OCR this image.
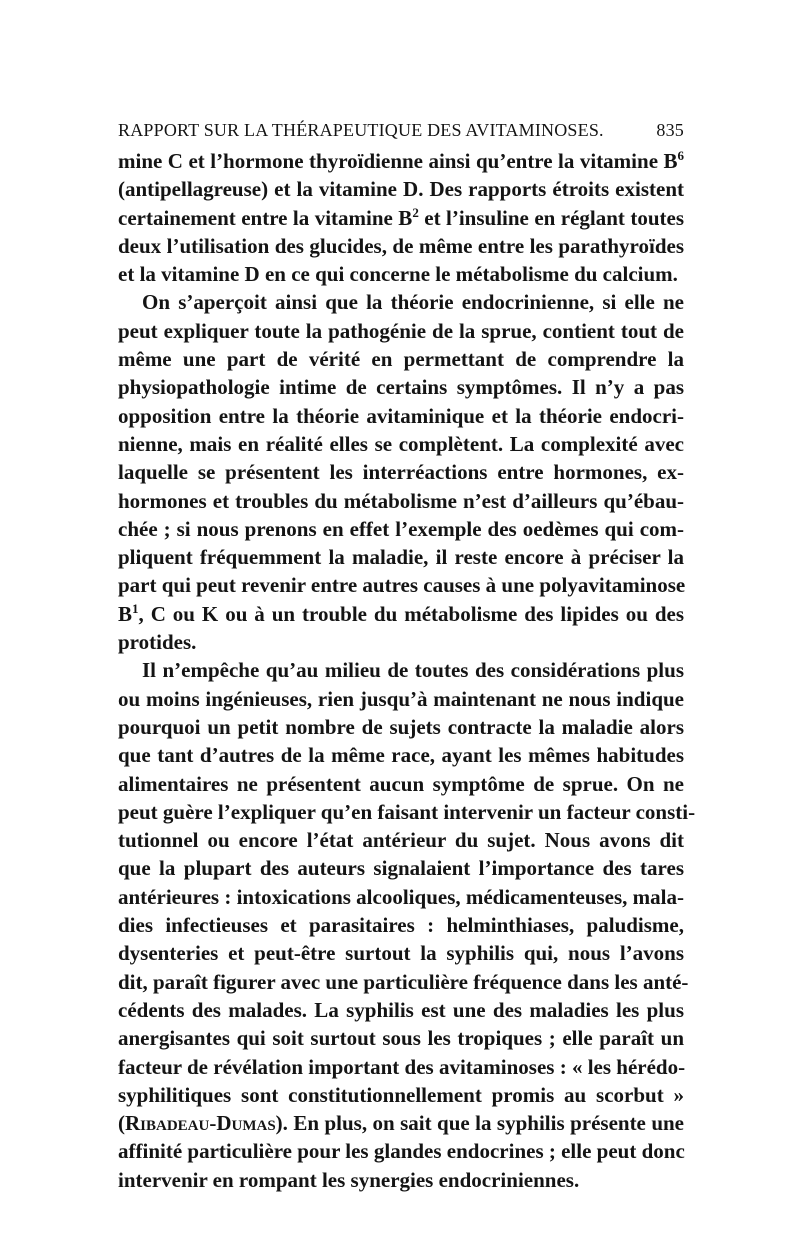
RAPPORT SUR LA THÉRAPEUTIQUE DES AVITAMINOSES.	835
mine C et l’hormone thyroïdienne ainsi qu’entre la vitamine $B^6$
(antipellagreuse) et la vitamine D. Des rapports étroits existent
certainement entre la vitamine $B^2$ et l’insuline en réglant toutes
deux l’utilisation des glucides, de même entre les parathyroïdes
et la vitamine D en ce qui concerne le métabolisme du calcium.
On s’aperçoit ainsi que la théorie endocrinienne, si elle ne
peut expliquer toute la pathogénie de la sprue, contient tout de
même une part de vérité en permettant de comprendre la
physiopathologie intime de certains symptômes. Il n’y a pas
opposition entre la théorie avitaminique et la théorie endocri-
nienne, mais en réalité elles se complètent. La complexité avec
laquelle se présentent les interréactions entre hormones, ex-
hormones et troubles du métabolisme n’est d’ailleurs qu’ébau-
chée ; si nous prenons en effet l’exemple des oedèmes qui com-
pliquent fréquemment la maladie, il reste encore à préciser la
part qui peut revenir entre autres causes à une polyavitaminose
$B^1$, C ou K ou à un trouble du métabolisme des lipides ou des
protides.
Il n’empêche qu’au milieu de toutes des considérations plus
ou moins ingénieuses, rien jusqu’à maintenant ne nous indique
pourquoi un petit nombre de sujets contracte la maladie alors
que tant d’autres de la même race, ayant les mêmes habitudes
alimentaires ne présentent aucun symptôme de sprue. On ne
peut guère l’expliquer qu’en faisant intervenir un facteur consti-
tutionnel ou encore l’état antérieur du sujet. Nous avons dit
que la plupart des auteurs signalaient l’importance des tares
antérieures : intoxications alcooliques, médicamenteuses, mala-
dies infectieuses et parasitaires : helminthiases, paludisme,
dysenteries et peut-être surtout la syphilis qui, nous l’avons
dit, paraît figurer avec une particulière fréquence dans les anté-
cédents des malades. La syphilis est une des maladies les plus
anergisantes qui soit surtout sous les tropiques ; elle paraît un
facteur de révélation important des avitaminoses : « les hérédo-
syphilitiques sont constitutionnellement promis au scorbut »
(Ribadeau-Dumas). En plus, on sait que la syphilis présente une
affinité particulière pour les glandes endocrines ; elle peut donc
intervenir en rompant les synergies endocriniennes.
